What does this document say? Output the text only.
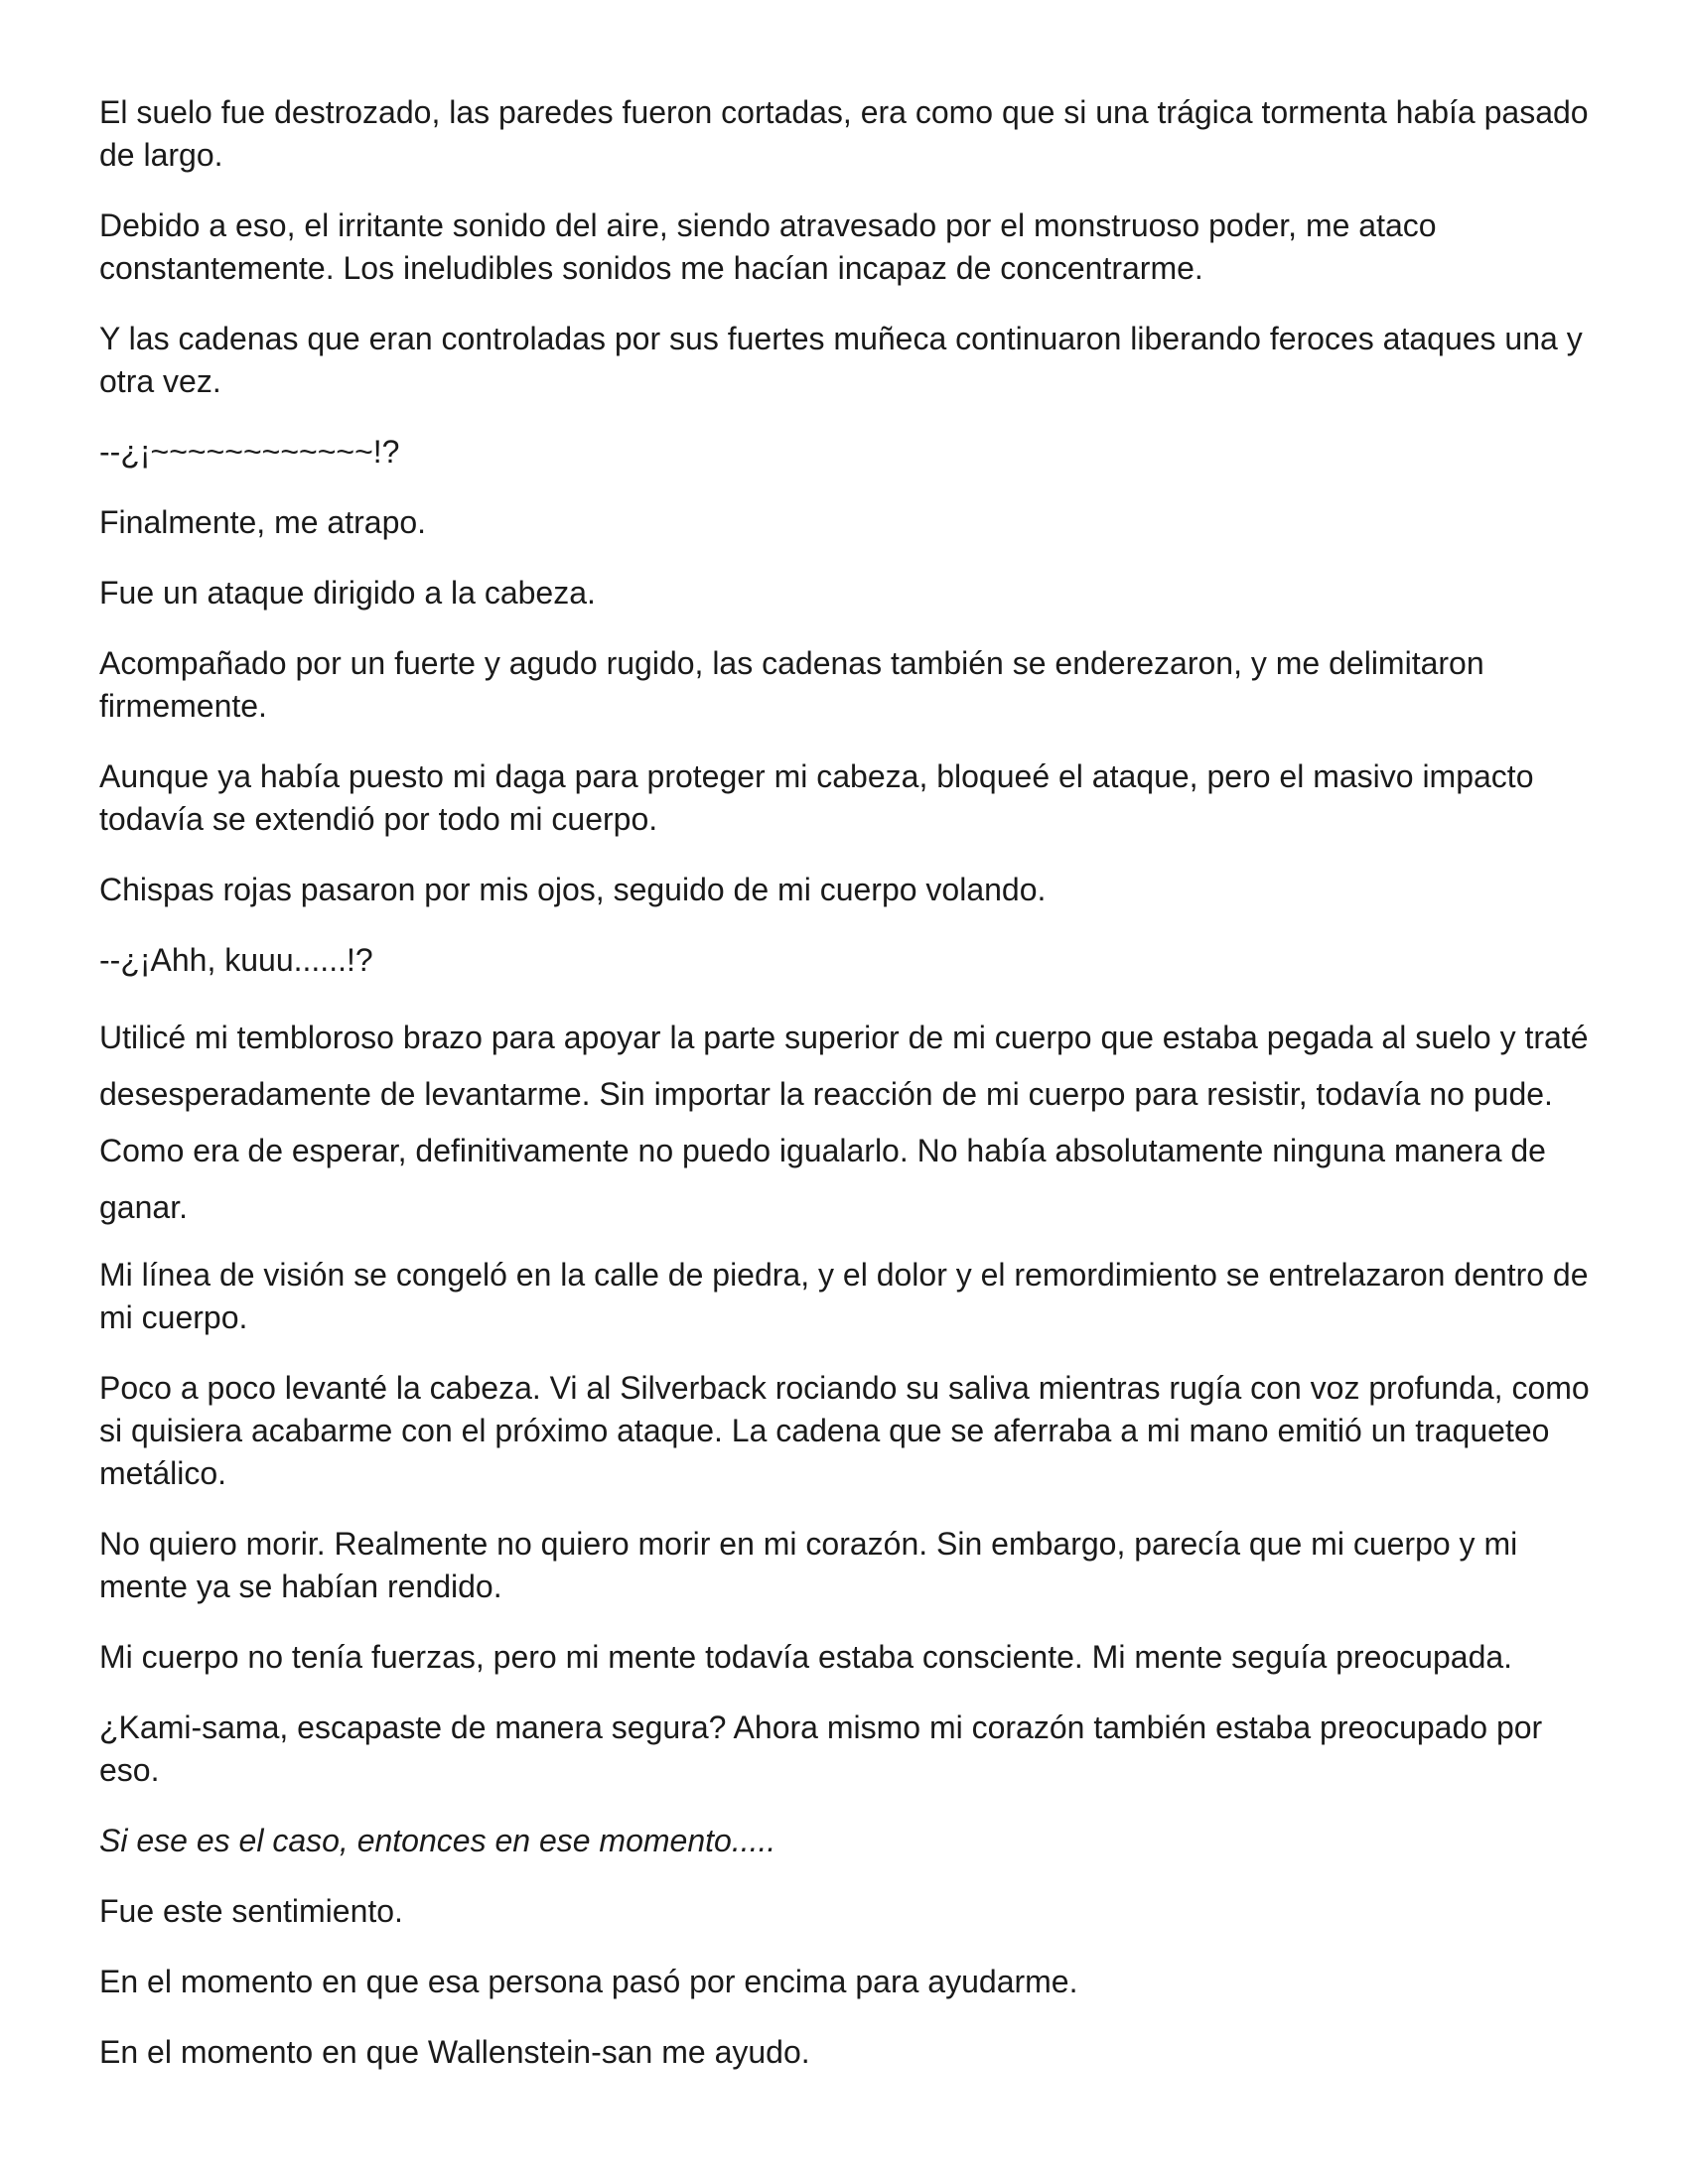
El suelo fue destrozado, las paredes fueron cortadas, era como que si una trágica tormenta había pasado de largo.

Debido a eso, el irritante sonido del aire, siendo atravesado por el monstruoso poder, me ataco constantemente. Los ineludibles sonidos me hacían incapaz de concentrarme.

Y las cadenas que eran controladas por sus fuertes muñeca continuaron liberando feroces ataques una y otra vez.

--¿¡~~~~~~~~~~~~!?

Finalmente, me atrapo.

Fue un ataque dirigido a la cabeza.

Acompañado por un fuerte y agudo rugido, las cadenas también se enderezaron, y me delimitaron firmemente.

Aunque ya había puesto mi daga para proteger mi cabeza, bloqueé el ataque, pero el masivo impacto todavía se extendió por todo mi cuerpo.

Chispas rojas pasaron por mis ojos, seguido de mi cuerpo volando.

--¿¡Ahh, kuuu......!?

Utilicé mi tembloroso brazo para apoyar la parte superior de mi cuerpo que estaba pegada al suelo y traté desesperadamente de levantarme. Sin importar la reacción de mi cuerpo para resistir, todavía no pude. Como era de esperar, definitivamente no puedo igualarlo. No había absolutamente ninguna manera de ganar.

Mi línea de visión se congeló en la calle de piedra, y el dolor y el remordimiento se entrelazaron dentro de mi cuerpo.

Poco a poco levanté la cabeza. Vi al Silverback rociando su saliva mientras rugía con voz profunda, como si quisiera acabarme con el próximo ataque. La cadena que se aferraba a mi mano emitió un traqueteo metálico.

No quiero morir. Realmente no quiero morir en mi corazón. Sin embargo, parecía que mi cuerpo y mi mente ya se habían rendido.

Mi cuerpo no tenía fuerzas, pero mi mente todavía estaba consciente. Mi mente seguía preocupada.

¿Kami-sama, escapaste de manera segura? Ahora mismo mi corazón también estaba preocupado por eso.

Si ese es el caso, entonces en ese momento.....

Fue este sentimiento.

En el momento en que esa persona pasó por encima para ayudarme.

En el momento en que Wallenstein-san me ayudo.
